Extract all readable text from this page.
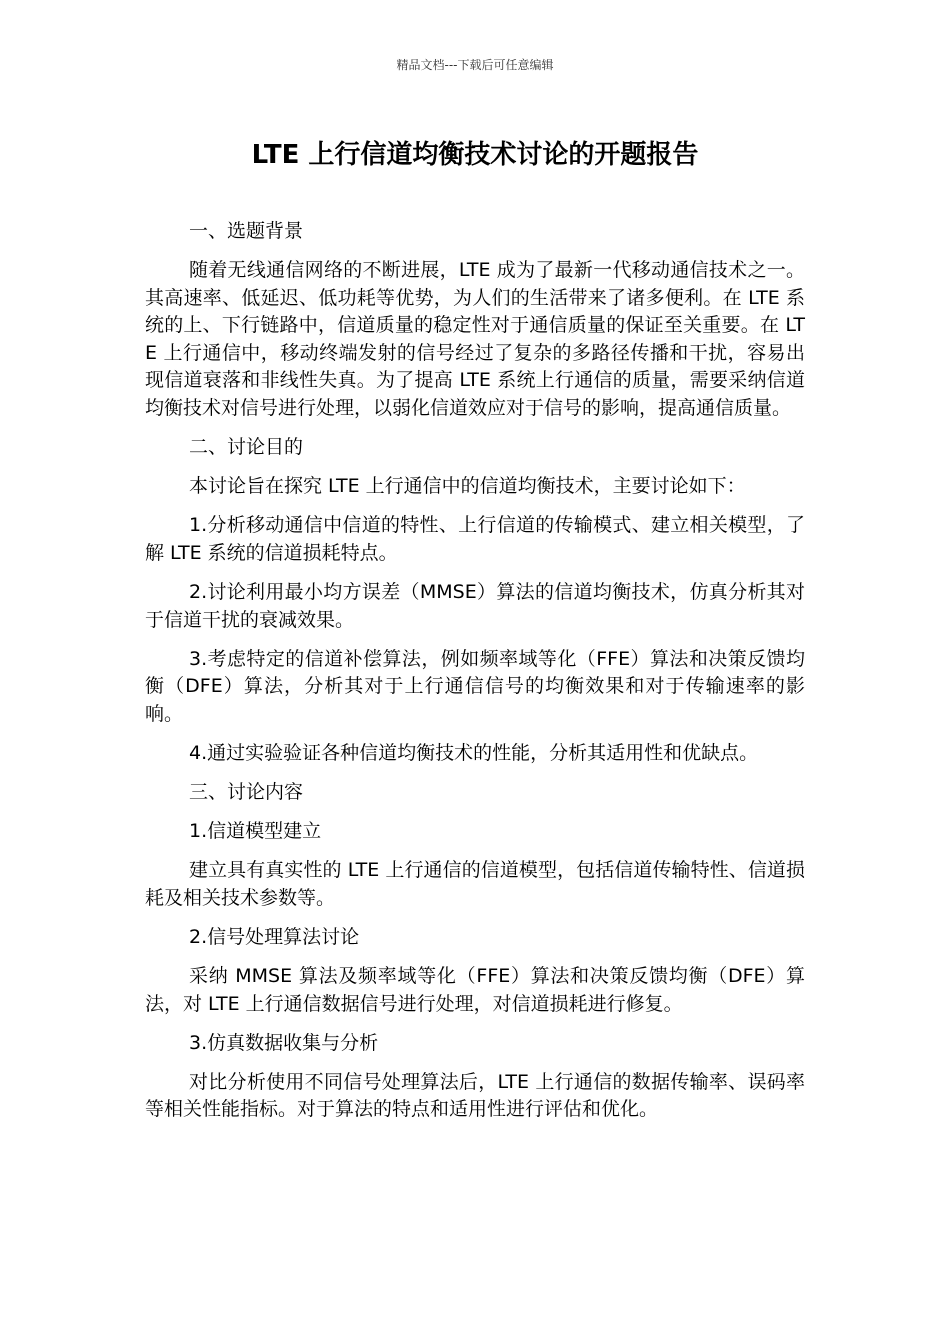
精品文档---下载后可任意编辑
LTE 上行信道均衡技术讨论的开题报告

一、选题背景

随着无线通信网络的不断进展，LTE 成为了最新一代移动通信技术之一。其高速率、低延迟、低功耗等优势，为人们的生活带来了诸多便利。在 LTE 系统的上、下行链路中，信道质量的稳定性对于通信质量的保证至关重要。在 LTE 上行通信中，移动终端发射的信号经过了复杂的多路径传播和干扰，容易出现信道衰落和非线性失真。为了提高 LTE 系统上行通信的质量，需要采纳信道均衡技术对信号进行处理，以弱化信道效应对于信号的影响，提高通信质量。

二、讨论目的

本讨论旨在探究 LTE 上行通信中的信道均衡技术，主要讨论如下：

1.分析移动通信中信道的特性、上行信道的传输模式、建立相关模型，了解 LTE 系统的信道损耗特点。

2.讨论利用最小均方误差（MMSE）算法的信道均衡技术，仿真分析其对于信道干扰的衰减效果。

3.考虑特定的信道补偿算法，例如频率域等化（FFE）算法和决策反馈均衡（DFE）算法，分析其对于上行通信信号的均衡效果和对于传输速率的影响。

4.通过实验验证各种信道均衡技术的性能，分析其适用性和优缺点。

三、讨论内容

1.信道模型建立

建立具有真实性的 LTE 上行通信的信道模型，包括信道传输特性、信道损耗及相关技术参数等。

2.信号处理算法讨论

采纳 MMSE 算法及频率域等化（FFE）算法和决策反馈均衡（DFE）算法，对 LTE 上行通信数据信号进行处理，对信道损耗进行修复。

3.仿真数据收集与分析

对比分析使用不同信号处理算法后，LTE 上行通信的数据传输率、误码率等相关性能指标。对于算法的特点和适用性进行评估和优化。
